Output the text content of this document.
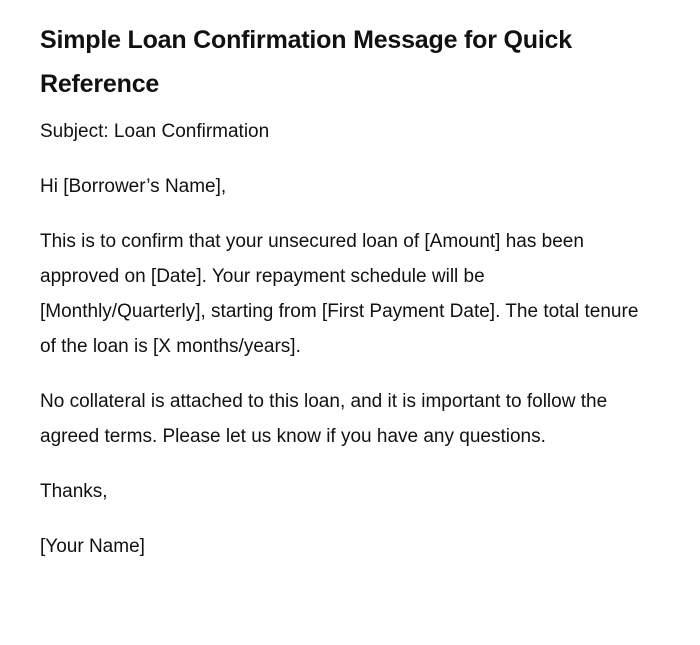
Simple Loan Confirmation Message for Quick Reference

Subject: Loan Confirmation

Hi [Borrower’s Name],

This is to confirm that your unsecured loan of [Amount] has been approved on [Date]. Your repayment schedule will be [Monthly/Quarterly], starting from [First Payment Date]. The total tenure of the loan is [X months/years].

No collateral is attached to this loan, and it is important to follow the agreed terms. Please let us know if you have any questions.

Thanks,

[Your Name]
